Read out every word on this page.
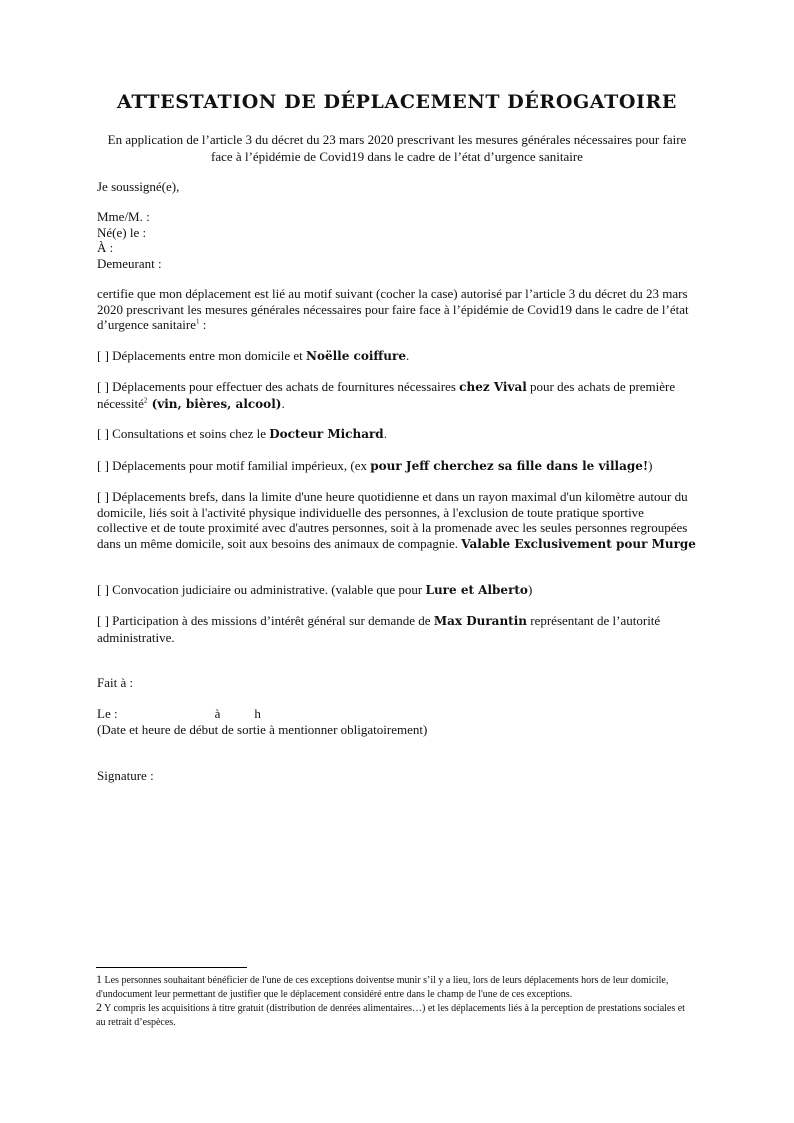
ATTESTATION DE DÉPLACEMENT DÉROGATOIRE
En application de l’article 3 du décret du 23 mars 2020 prescrivant les mesures générales nécessaires pour faire face à l’épidémie de Covid19 dans le cadre de l’état d’urgence sanitaire

Je soussigné(e),

Mme/M. :

Né(e) le :

À :

Demeurant :

certifie que mon déplacement est lié au motif suivant (cocher la case) autorisé par l’article 3 du décret du 23 mars 2020 prescrivant les mesures générales nécessaires pour faire face à l’épidémie de Covid19 dans le cadre de l’état d’urgence sanitaire$^1$ :

[ ] Déplacements entre mon domicile et Noëlle coiffure.

[ ] Déplacements pour effectuer des achats de fournitures nécessaires chez Vival pour des achats de première nécessité$^2$ (vin, bières, alcool).

[ ] Consultations et soins chez le Docteur Michard.

[ ] Déplacements pour motif familial impérieux, (ex pour Jeff cherchez sa fille dans le village!)

[ ] Déplacements brefs, dans la limite d'une heure quotidienne et dans un rayon maximal d'un kilomètre autour du domicile, liés soit à l'activité physique individuelle des personnes, à l'exclusion de toute pratique sportive collective et de toute proximité avec d'autres personnes, soit à la promenade avec les seules personnes regroupées dans un même domicile, soit aux besoins des animaux de compagnie. Valable Exclusivement pour Murge

[ ] Convocation judiciaire ou administrative. (valable que pour Lure et Alberto)

[ ] Participation à des missions d’intérêt général sur demande de Max Durantin représentant de l’autorité administrative.

Fait à :

Le :	à	h

(Date et heure de début de sortie à mentionner obligatoirement)

Signature :

1 Les personnes souhaitant bénéficier de l'une de ces exceptions doiventse munir s’il y a lieu, lors de leurs déplacements hors de leur domicile, d'undocument leur permettant de justifier que le déplacement considéré entre dans le champ de l'une de ces exceptions.

2 Y compris les acquisitions à titre gratuit (distribution de denrées alimentaires…) et les déplacements liés à la perception de prestations sociales et au retrait d’espèces.
